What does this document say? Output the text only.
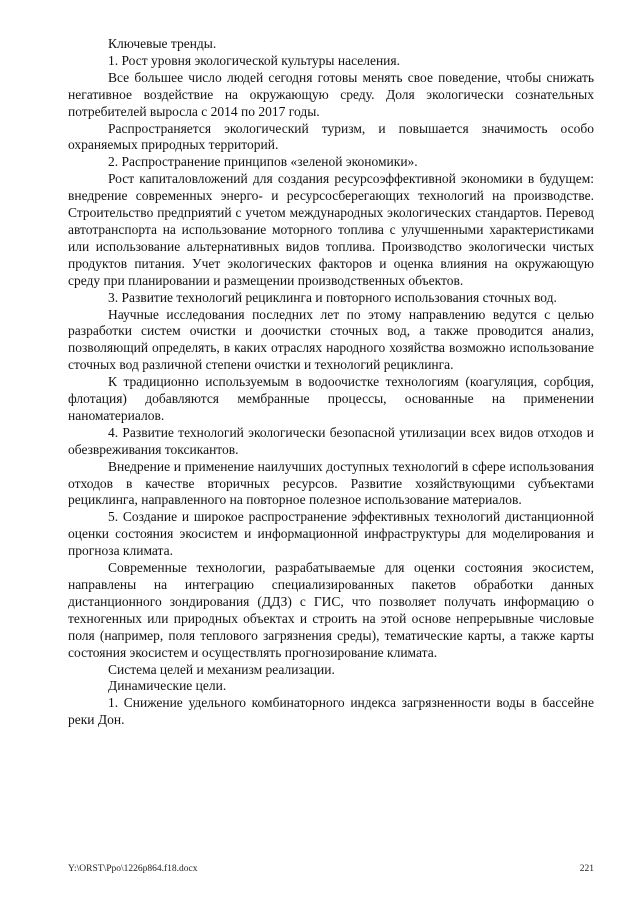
Ключевые тренды.

1. Рост уровня экологической культуры населения.

Все большее число людей сегодня готовы менять свое поведение, чтобы снижать негативное воздействие на окружающую среду. Доля экологически сознательных потребителей выросла с 2014 по 2017 годы.

Распространяется экологический туризм, и повышается значимость особо охраняемых природных территорий.

2. Распространение принципов «зеленой экономики».

Рост капиталовложений для создания ресурсоэффективной экономики в будущем: внедрение современных энерго- и ресурсосберегающих технологий на производстве. Строительство предприятий с учетом международных экологических стандартов. Перевод автотранспорта на использование моторного топлива с улучшенными характеристиками или использование альтернативных видов топлива. Производство экологически чистых продуктов питания. Учет экологических факторов и оценка влияния на окружающую среду при планировании и размещении производственных объектов.

3. Развитие технологий рециклинга и повторного использования сточных вод.

Научные исследования последних лет по этому направлению ведутся с целью разработки систем очистки и доочистки сточных вод, а также проводится анализ, позволяющий определять, в каких отраслях народного хозяйства возможно использование сточных вод различной степени очистки и технологий рециклинга.

К традиционно используемым в водоочистке технологиям (коагуляция, сорбция, флотация) добавляются мембранные процессы, основанные на применении наноматериалов.

4. Развитие технологий экологически безопасной утилизации всех видов отходов и обезвреживания токсикантов.

Внедрение и применение наилучших доступных технологий в сфере использования отходов в качестве вторичных ресурсов. Развитие хозяйствующими субъектами рециклинга, направленного на повторное полезное использование материалов.

5. Создание и широкое распространение эффективных технологий дистанционной оценки состояния экосистем и информационной инфраструктуры для моделирования и прогноза климата.

Современные технологии, разрабатываемые для оценки состояния экосистем, направлены на интеграцию специализированных пакетов обработки данных дистанционного зондирования (ДДЗ) с ГИС, что позволяет получать информацию о техногенных или природных объектах и строить на этой основе непрерывные числовые поля (например, поля теплового загрязнения среды), тематические карты, а также карты состояния экосистем и осуществлять прогнозирование климата.

Система целей и механизм реализации.

Динамические цели.

1. Снижение удельного комбинаторного индекса загрязненности воды в бассейне реки Дон.

Y:\ORST\Ppo\1226p864.f18.docx	221
